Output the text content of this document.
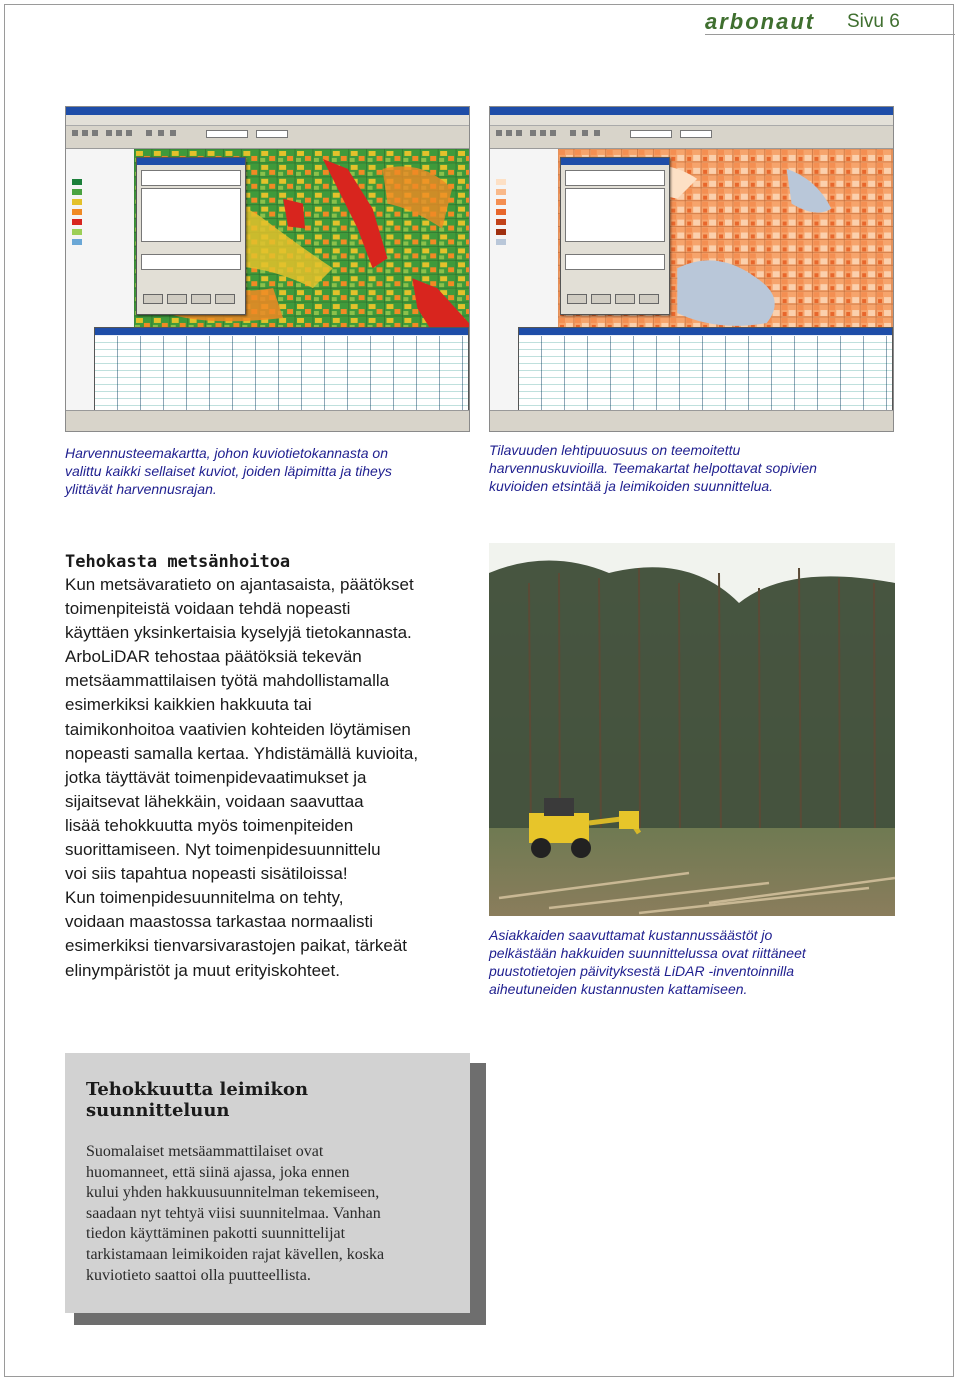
arbonaut Sivu 6
Harvennusteemakartta, johon kuviotietokannasta on
valittu kaikki sellaiset kuviot, joiden läpimitta ja tiheys
ylittävät harvennusrajan.
Tilavuuden lehtipuuosuus on teemoitettu
harvennuskuvioilla. Teemakartat helpottavat sopivien
kuvioiden etsintää ja leimikoiden suunnittelua.
Tehokasta metsänhoitoa

Kun metsävaratieto on ajantasaista, päätökset

toimenpiteistä voidaan tehdä nopeasti

käyttäen yksinkertaisia kyselyjä tietokannasta.

ArboLiDAR tehostaa päätöksiä tekevän

metsäammattilaisen työtä mahdollistamalla

esimerkiksi kaikkien hakkuuta tai

taimikonhoitoa vaativien kohteiden löytämisen

nopeasti samalla kertaa. Yhdistämällä kuvioita,

jotka täyttävät toimenpidevaatimukset ja

sijaitsevat lähekkäin, voidaan saavuttaa

lisää tehokkuutta myös toimenpiteiden

suorittamiseen. Nyt toimenpidesuunnittelu

voi siis tapahtua nopeasti sisätiloissa!

Kun toimenpidesuunnitelma on tehty,

voidaan maastossa tarkastaa normaalisti

esimerkiksi tienvarsivarastojen paikat, tärkeät

elinympäristöt ja muut erityiskohteet.

Asiakkaiden saavuttamat kustannussäästöt jo
pelkästään hakkuiden suunnittelussa ovat riittäneet
puustotietojen päivityksestä LiDAR -inventoinnilla
aiheutuneiden kustannusten kattamiseen.
Tehokkuutta leimikon
suunnitteluun
Suomalaiset metsäammattilaiset ovat
huomanneet, että siinä ajassa, joka ennen
kului yhden hakkuusuunnitelman tekemiseen,
saadaan nyt tehtyä viisi suunnitelmaa. Vanhan
tiedon käyttäminen pakotti suunnittelijat
tarkistamaan leimikoiden rajat kävellen, koska
kuviotieto saattoi olla puutteellista.
